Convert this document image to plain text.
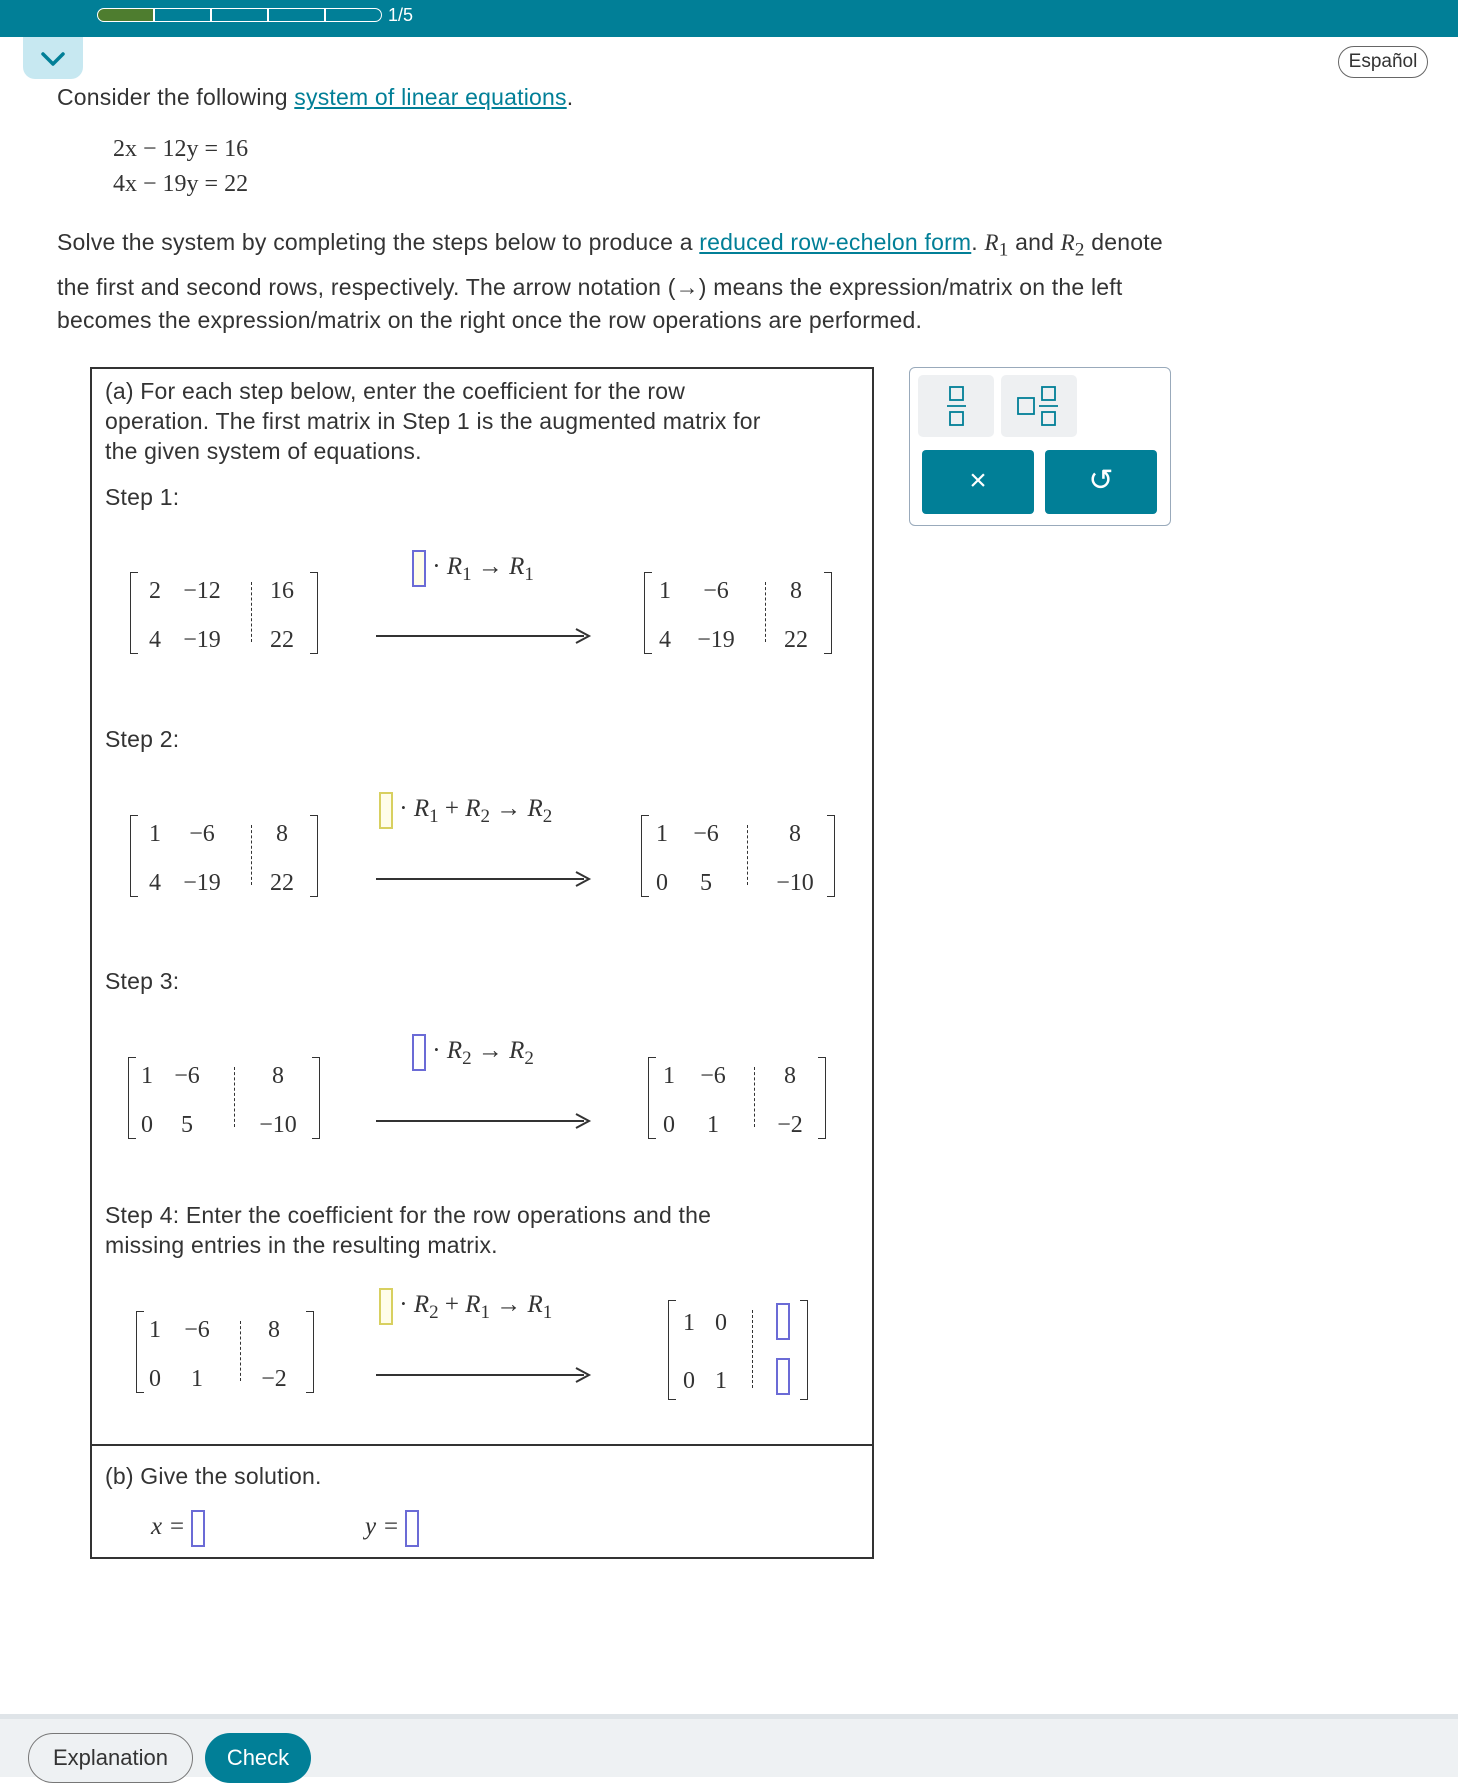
1/5
Español
Consider the following system of linear equations.
2x − 12y = 16
4x − 19y = 22
Solve the system by completing the steps below to produce a reduced row-echelon form. $R_1$ and $R_2$ denote
the first and second rows, respectively. The arrow notation (→) means the expression/matrix on the left
becomes the expression/matrix on the right once the row operations are performed.
(a) For each step below, enter the coefficient for the row
operation. The first matrix in Step 1 is the augmented matrix for
the given system of equations.
Step 1:
Step 2:
Step 3:
Step 4: Enter the coefficient for the row operations and the
missing entries in the resulting matrix.
2 −12	16
4 −19	22
· $R_1 \to R_1$
1	−6	8
4	−19	22
1	−6	8
4 −19	22
· $R_1 + R_2 \to R_2$
1	−6	8
0	5	−10
1 −6	8
0	5	−10
· $R_2 \to R_2$
1	−6	8
0	1	−2
1 −6	8
0	1	−2
· $R_2 + R_1 \to R_1$	1 0
0 1
(b) Give the solution.
x =	y =
×	↺
Explanation	Check
